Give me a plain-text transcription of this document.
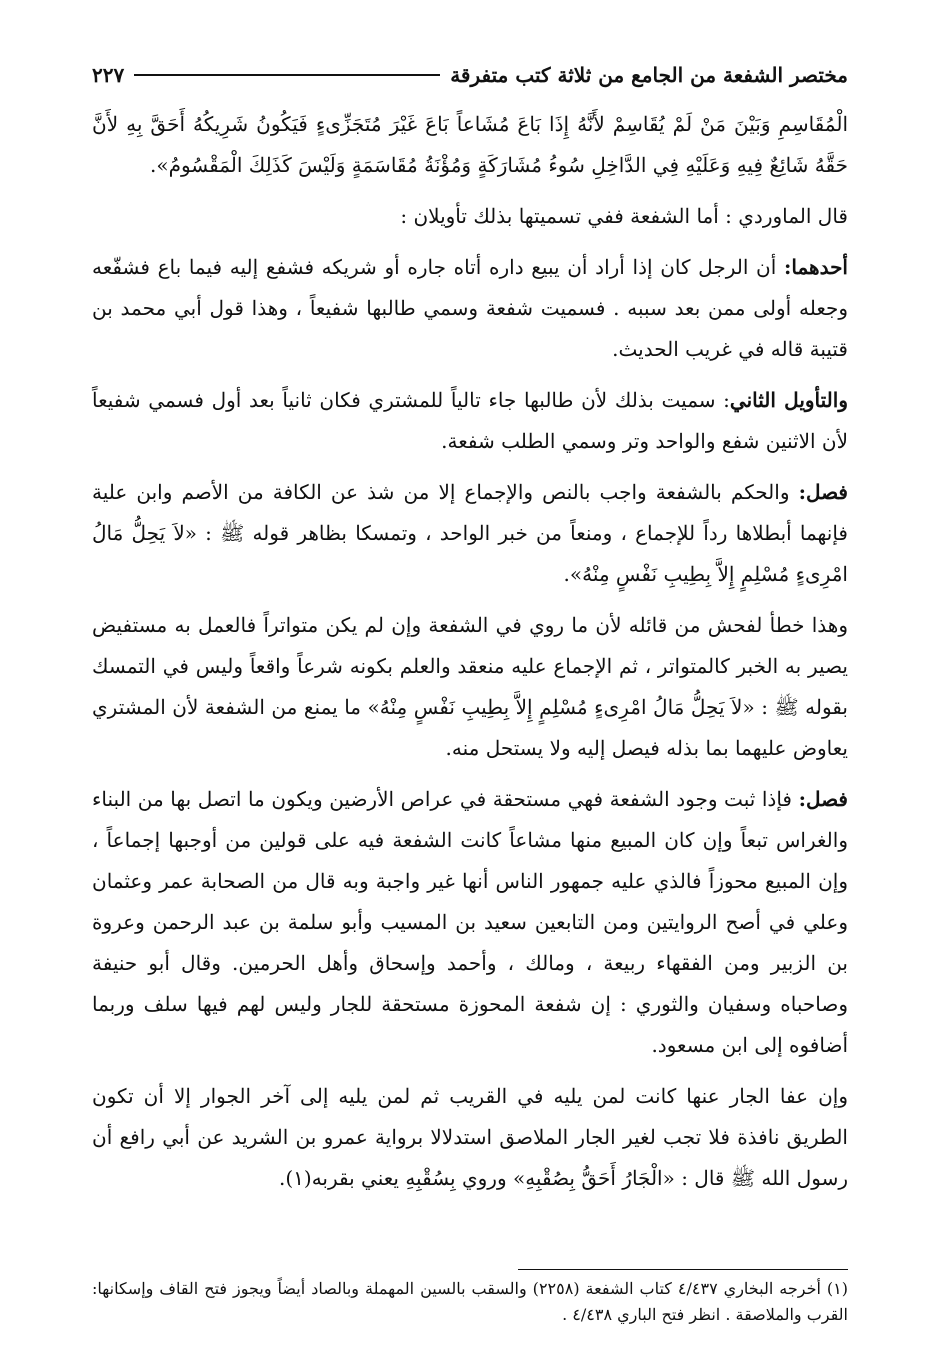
مختصر الشفعة من الجامع من ثلاثة كتب متفرقة
٢٢٧

الْمُقَاسِمِ وَبَيْنَ مَنْ لَمْ يُقَاسِمْ لأَنَّهُ إِذَا بَاعَ مُشَاعاً بَاعَ غَيْرَ مُتَجَزِّىءٍ فَيَكُونُ شَرِيكُهُ أَحَقَّ بِهِ لأَنَّ حَقَّهُ شَائِعٌ فِيهِ وَعَلَيْهِ فِي الدَّاخِلِ سُوءُ مُشَارَكَةٍ وَمُؤْنَةُ مُقَاسَمَةٍ وَلَيْسَ كَذَلِكَ الْمَقْسُومُ».

قال الماوردي : أما الشفعة ففي تسميتها بذلك تأويلان :

أحدهما: أن الرجل كان إذا أراد أن يبيع داره أتاه جاره أو شريكه فشفع إليه فيما باع فشفّعه وجعله أولى ممن بعد سببه . فسميت شفعة وسمي طالبها شفيعاً ، وهذا قول أبي محمد بن قتيبة قاله في غريب الحديث.

والتأويل الثاني: سميت بذلك لأن طالبها جاء تالياً للمشتري فكان ثانياً بعد أول فسمي شفيعاً لأن الاثنين شفع والواحد وتر وسمي الطلب شفعة.

فصل: والحكم بالشفعة واجب بالنص والإجماع إلا من شذ عن الكافة من الأصم وابن علية فإنهما أبطلاها رداً للإجماع ، ومنعاً من خبر الواحد ، وتمسكا بظاهر قوله ﷺ : «لاَ يَحِلُّ مَالُ امْرِىءٍ مُسْلِمٍ إِلاَّ بِطِيبِ نَفْسٍ مِنْهُ».

وهذا خطأ لفحش من قائله لأن ما روي في الشفعة وإن لم يكن متواتراً فالعمل به مستفيض يصير به الخبر كالمتواتر ، ثم الإجماع عليه منعقد والعلم بكونه شرعاً واقعاً وليس في التمسك بقوله ﷺ : «لاَ يَحِلُّ مَالُ امْرِىءٍ مُسْلِمٍ إِلاَّ بِطِيبِ نَفْسٍ مِنْهُ» ما يمنع من الشفعة لأن المشتري يعاوض عليهما بما بذله فيصل إليه ولا يستحل منه.

فصل: فإذا ثبت وجود الشفعة فهي مستحقة في عراص الأرضين ويكون ما اتصل بها من البناء والغراس تبعاً وإن كان المبيع منها مشاعاً كانت الشفعة فيه على قولين من أوجبها إجماعاً ، وإن المبيع محوزاً فالذي عليه جمهور الناس أنها غير واجبة وبه قال من الصحابة عمر وعثمان وعلي في أصح الروايتين ومن التابعين سعيد بن المسيب وأبو سلمة بن عبد الرحمن وعروة بن الزبير ومن الفقهاء ربيعة ، ومالك ، وأحمد وإسحاق وأهل الحرمين. وقال أبو حنيفة وصاحباه وسفيان والثوري : إن شفعة المحوزة مستحقة للجار وليس لهم فيها سلف وربما أضافوه إلى ابن مسعود.

وإن عفا الجار عنها كانت لمن يليه في القريب ثم لمن يليه إلى آخر الجوار إلا أن تكون الطريق نافذة فلا تجب لغير الجار الملاصق استدلالا برواية عمرو بن الشريد عن أبي رافع أن رسول الله ﷺ قال : «الْجَارُ أَحَقُّ بِصُقْبِهِ» وروي بِسُقْبِهِ يعني بقربه(١).

(١) أخرجه البخاري ٤/٤٣٧ كتاب الشفعة (٢٢٥٨) والسقب بالسين المهملة وبالصاد أيضاً ويجوز فتح القاف وإسكانها: القرب والملاصقة . انظر فتح الباري ٤/٤٣٨ .
